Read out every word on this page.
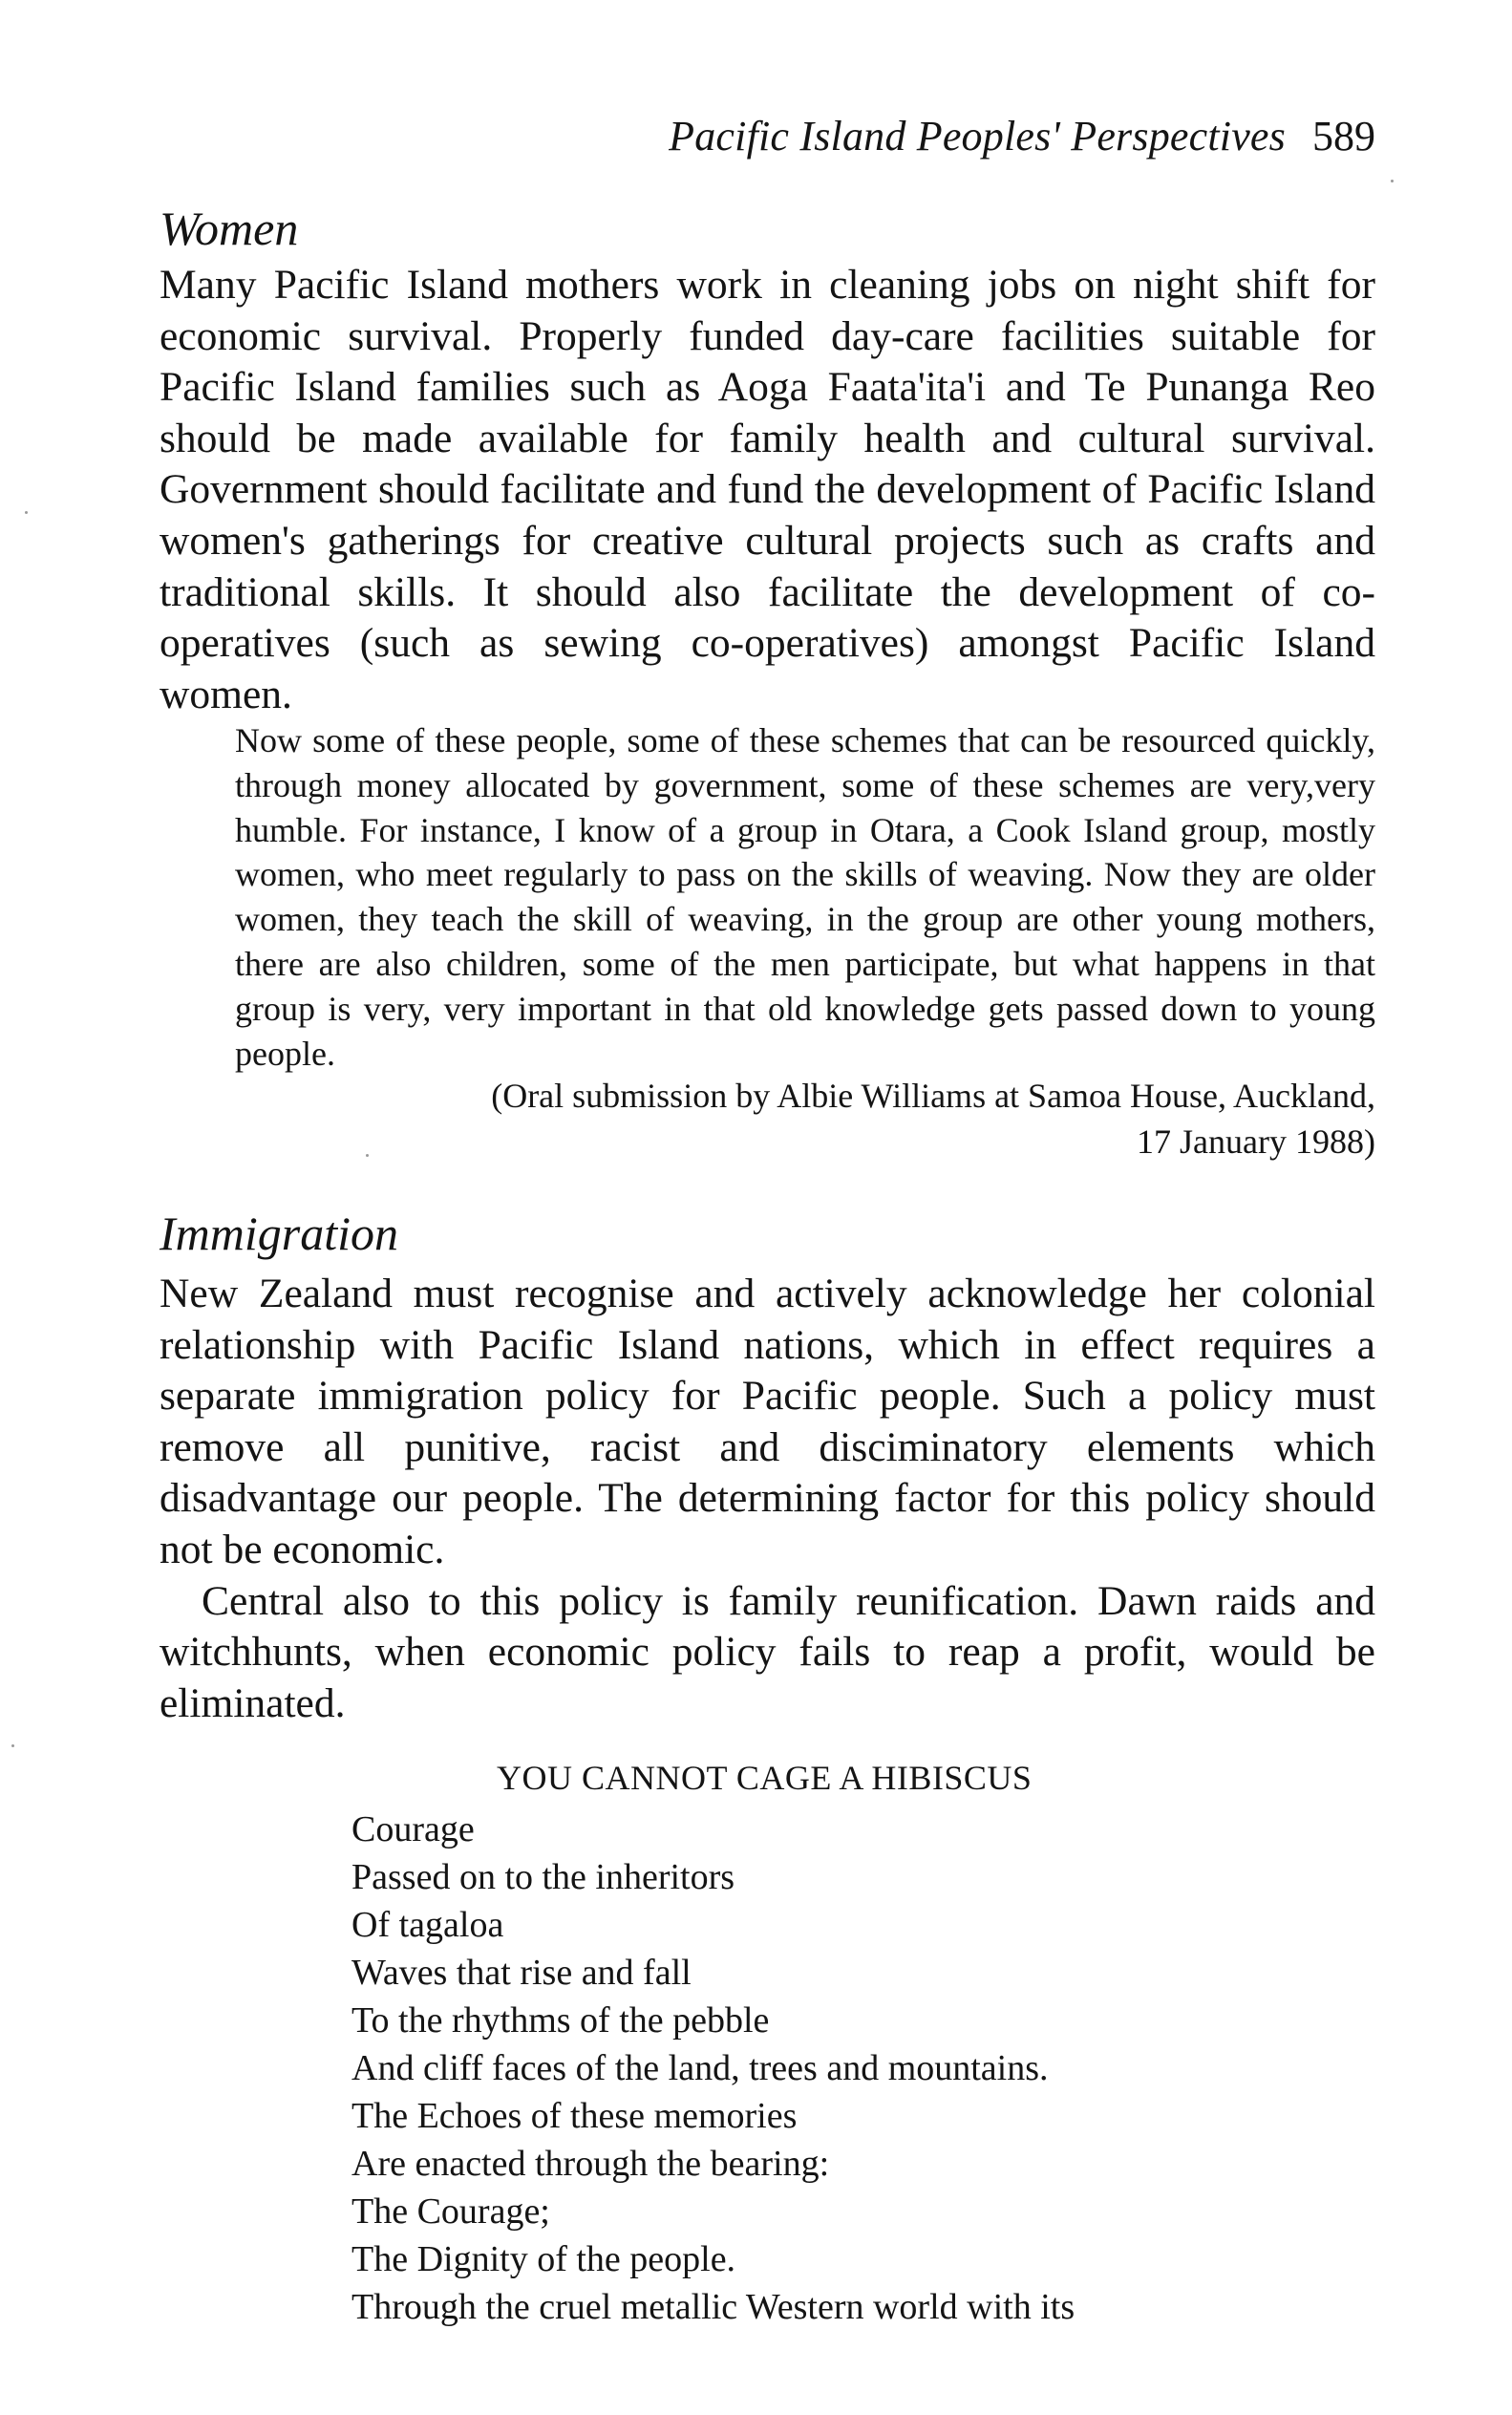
Pacific Island Peoples' Perspectives 589
Women

Many Pacific Island mothers work in cleaning jobs on night shift for economic survival. Properly funded day-care facilities suitable for Pacific Island families such as Aoga Faata'ita'i and Te Punanga Reo should be made available for family health and cultural survival. Government should facilitate and fund the development of Pacific Island women's gatherings for creative cultural projects such as crafts and traditional skills. It should also facilitate the development of co-operatives (such as sewing co-operatives) amongst Pacific Island women.

Now some of these people, some of these schemes that can be resourced quickly, through money allocated by government, some of these schemes are very,very humble. For instance, I know of a group in Otara, a Cook Island group, mostly women, who meet regularly to pass on the skills of weaving. Now they are older women, they teach the skill of weaving, in the group are other young mothers, there are also children, some of the men participate, but what happens in that group is very, very important in that old knowledge gets passed down to young people.

(Oral submission by Albie Williams at Samoa House, Auckland,

17 January 1988)

Immigration

New Zealand must recognise and actively acknowledge her colonial relationship with Pacific Island nations, which in effect requires a separate immigration policy for Pacific people. Such a policy must remove all punitive, racist and disciminatory elements which disadvantage our people. The determining factor for this policy should not be economic.

Central also to this policy is family reunification. Dawn raids and witchhunts, when economic policy fails to reap a profit, would be eliminated.

YOU CANNOT CAGE A HIBISCUS

Courage
Passed on to the inheritors
Of tagaloa
Waves that rise and fall
To the rhythms of the pebble
And cliff faces of the land, trees and mountains.
The Echoes of these memories
Are enacted through the bearing:
The Courage;
The Dignity of the people.
Through the cruel metallic Western world with its
